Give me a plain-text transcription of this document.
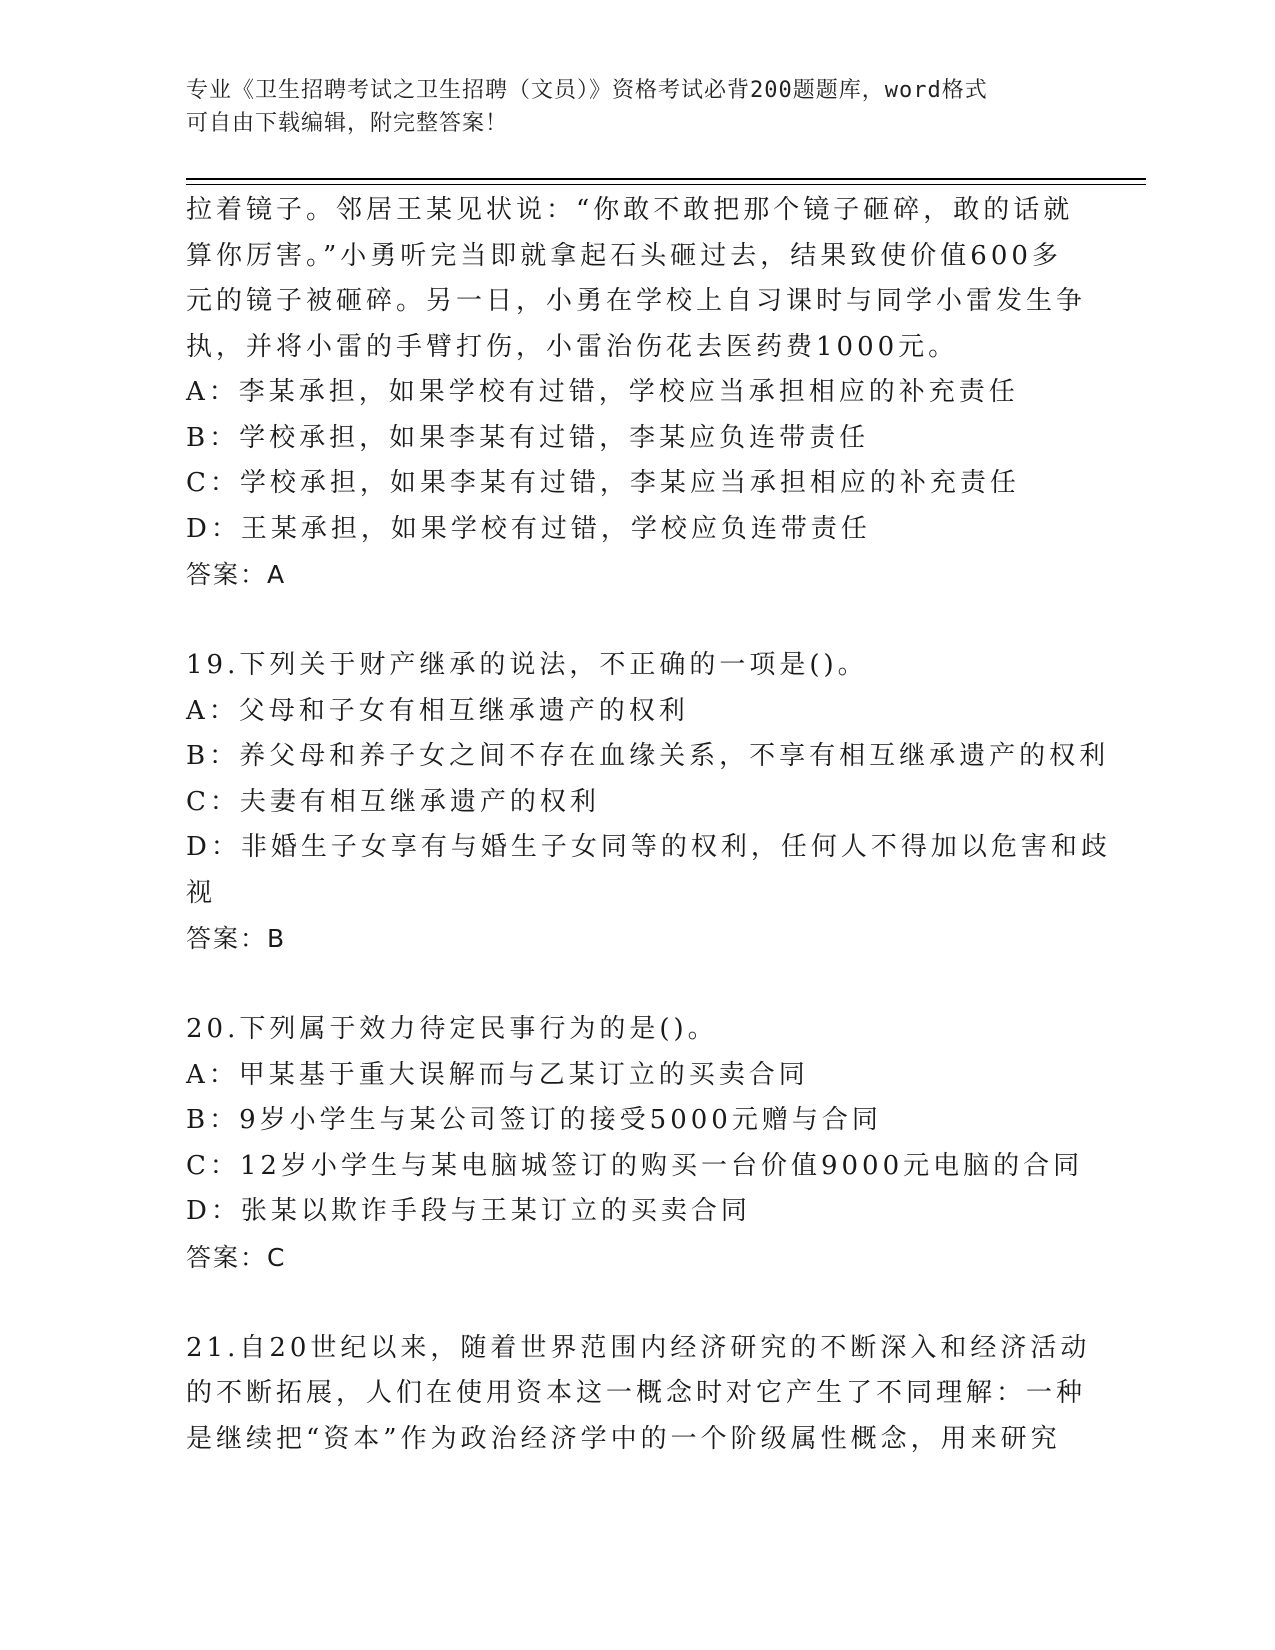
专业《卫生招聘考试之卫生招聘（文员）》资格考试必背200题题库，word格式
可自由下载编辑，附完整答案！
拉着镜子。邻居王某见状说：“你敢不敢把那个镜子砸碎，敢的话就
算你厉害。”小勇听完当即就拿起石头砸过去，结果致使价值600多
元的镜子被砸碎。另一日，小勇在学校上自习课时与同学小雷发生争
执，并将小雷的手臂打伤，小雷治伤花去医药费1000元。
A：李某承担，如果学校有过错，学校应当承担相应的补充责任
B：学校承担，如果李某有过错，李某应负连带责任
C：学校承担，如果李某有过错，李某应当承担相应的补充责任
D：王某承担，如果学校有过错，学校应负连带责任
答案：A
19.下列关于财产继承的说法，不正确的一项是()。
A：父母和子女有相互继承遗产的权利
B：养父母和养子女之间不存在血缘关系，不享有相互继承遗产的权利
C：夫妻有相互继承遗产的权利
D：非婚生子女享有与婚生子女同等的权利，任何人不得加以危害和歧
视
答案：B
20.下列属于效力待定民事行为的是()。
A：甲某基于重大误解而与乙某订立的买卖合同
B：9岁小学生与某公司签订的接受5000元赠与合同
C：12岁小学生与某电脑城签订的购买一台价值9000元电脑的合同
D：张某以欺诈手段与王某订立的买卖合同
答案：C
21.自20世纪以来，随着世界范围内经济研究的不断深入和经济活动
的不断拓展，人们在使用资本这一概念时对它产生了不同理解：一种
是继续把“资本”作为政治经济学中的一个阶级属性概念，用来研究
